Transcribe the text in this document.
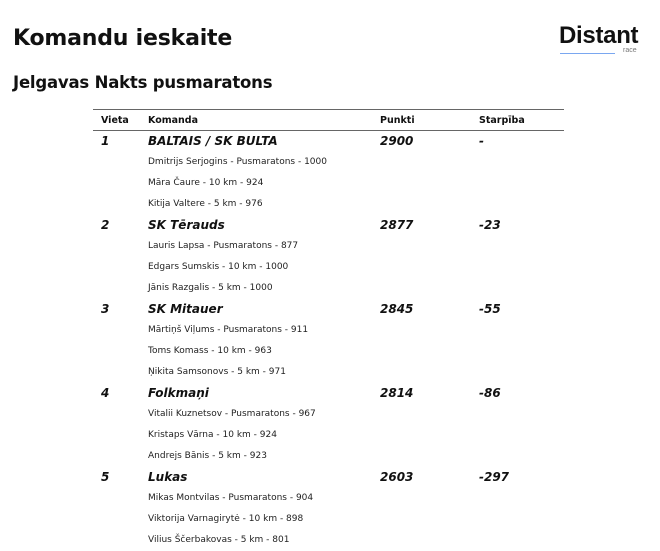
Komandu ieskaite
Jelgavas Nakts pusmaratons
Distant
race
Vieta	Komanda	Punkti	Starpība
1	BALTAIS / SK BULTA	2900	-
	Dmitrijs Serjogins - Pusmaratons - 1000		
	Māra Čaure - 10 km - 924		
	Kitija Valtere - 5 km - 976		
2	SK Tērauds	2877	-23
	Lauris Lapsa - Pusmaratons - 877		
	Edgars Sumskis - 10 km - 1000		
	Jānis Razgalis - 5 km - 1000		
3	SK Mitauer	2845	-55
	Mārtiņš Viļums - Pusmaratons - 911		
	Toms Komass - 10 km - 963		
	Ņikita Samsonovs - 5 km - 971		
4	Folkmaņi	2814	-86
	Vitalii Kuznetsov - Pusmaratons - 967		
	Kristaps Vārna - 10 km - 924		
	Andrejs Bānis - 5 km - 923		
5	Lukas	2603	-297
	Mikas Montvilas - Pusmaratons - 904		
	Viktorija Varnagirytė - 10 km - 898		
	Vilius Ščerbakovas - 5 km - 801		
